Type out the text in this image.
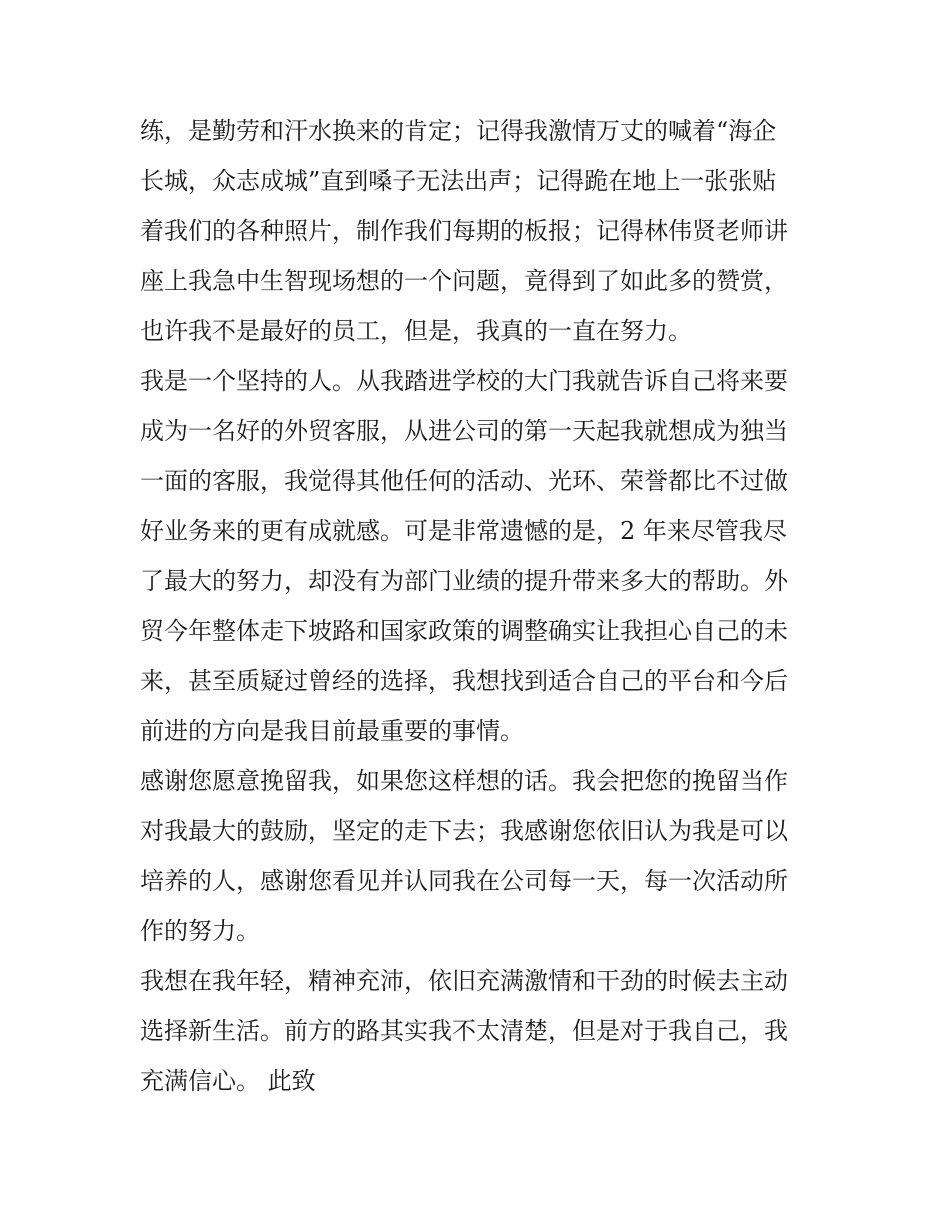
练，是勤劳和汗水换来的肯定；记得我激情万丈的喊着“海企
长城，众志成城”直到嗓子无法出声；记得跪在地上一张张贴
着我们的各种照片，制作我们每期的板报；记得林伟贤老师讲
座上我急中生智现场想的一个问题，竟得到了如此多的赞赏，
也许我不是最好的员工，但是，我真的一直在努力。
我是一个坚持的人。从我踏进学校的大门我就告诉自己将来要
成为一名好的外贸客服，从进公司的第一天起我就想成为独当
一面的客服，我觉得其他任何的活动、光环、荣誉都比不过做
好业务来的更有成就感。可是非常遗憾的是，2 年来尽管我尽
了最大的努力，却没有为部门业绩的提升带来多大的帮助。外
贸今年整体走下坡路和国家政策的调整确实让我担心自己的未
来，甚至质疑过曾经的选择，我想找到适合自己的平台和今后
前进的方向是我目前最重要的事情。
感谢您愿意挽留我，如果您这样想的话。我会把您的挽留当作
对我最大的鼓励，坚定的走下去；我感谢您依旧认为我是可以
培养的人，感谢您看见并认同我在公司每一天，每一次活动所
作的努力。
我想在我年轻，精神充沛，依旧充满激情和干劲的时候去主动
选择新生活。前方的路其实我不太清楚，但是对于我自己，我
充满信心。 此致
